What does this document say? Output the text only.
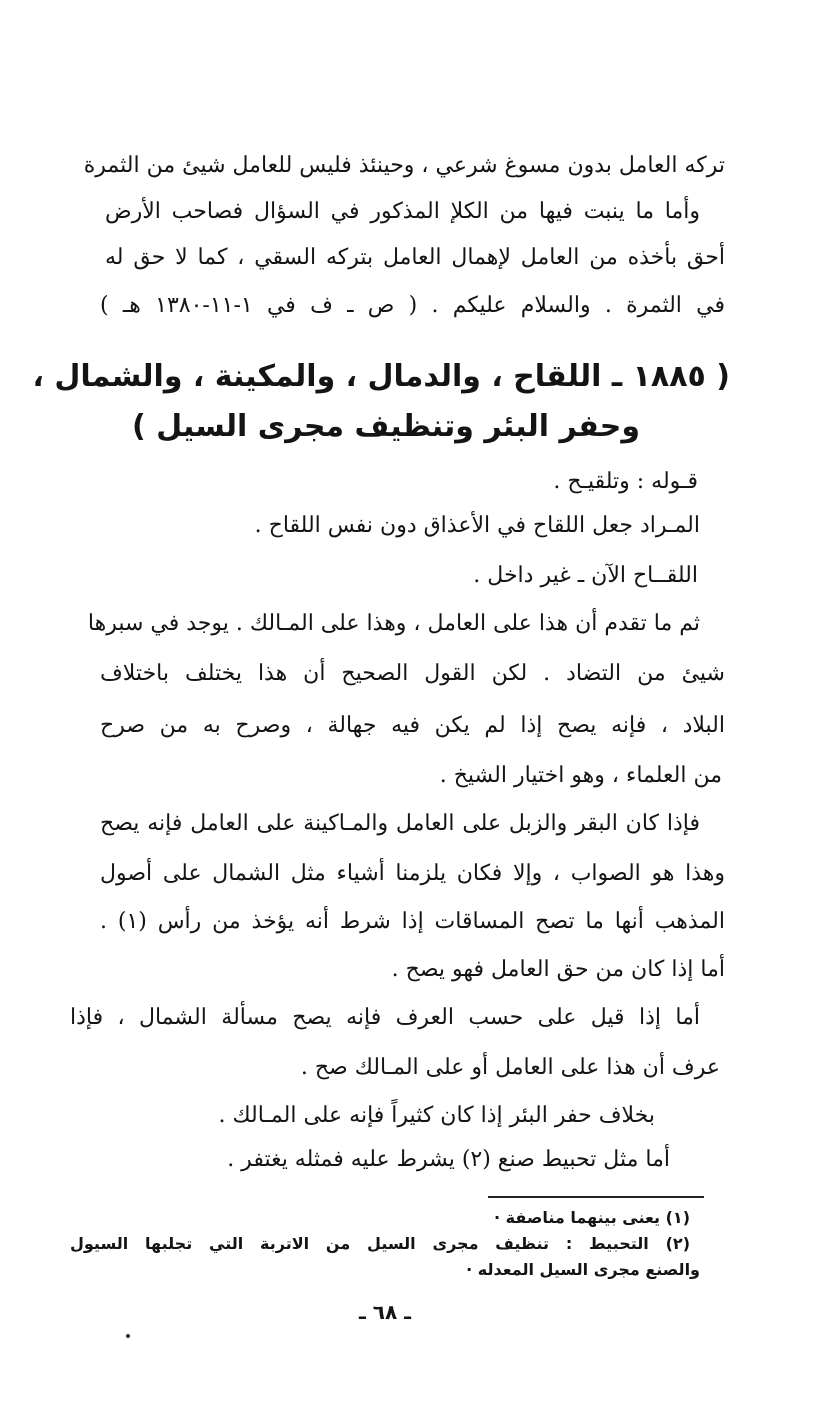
تركه العامل بدون مسوغ شرعي ، وحينئذ فليس للعامل شيئ من الثمرة
وأما ما ينبت فيها من الكلإ المذكور في السؤال فصاحب الأرض
أحق بأخذه من العامل لإهمال العامل بتركه السقي ، كما لا حق له
في الثمرة . والسلام عليكم . ( ص ـ ف في ١-١١-١٣٨٠ هـ )
( ١٨٨٥ ـ اللقاح ، والدمال ، والمكينة ، والشمال ،
وحفر البئر وتنظيف مجرى السيل )
قـوله : وتلقيـح .
المـراد جعل اللقاح في الأعذاق دون نفس اللقاح .
اللقــاح الآن ـ غير داخل .
ثم ما تقدم أن هذا على العامل ، وهذا على المـالك . يوجد في سبرها
شيئ من التضاد . لكن القول الصحيح أن هذا يختلف باختلاف
البلاد ، فإنه يصح إذا لم يكن فيه جهالة ، وصرح به من صرح
من العلماء ، وهو اختيار الشيخ .
فإذا كان البقر والزبل على العامل والمـاكينة على العامل فإنه يصح
وهذا هو الصواب ، وإلا فكان يلزمنا أشياء مثل الشمال على أصول
المذهب أنها ما تصح المساقات إذا شرط أنه يؤخذ من رأس (١) .
أما إذا كان من حق العامل فهو يصح .
أما إذا قيل على حسب العرف فإنه يصح مسألة الشمال ، فإذا
عرف أن هذا على العامل أو على المـالك صح .
بخلاف حفر البئر إذا كان كثيراً فإنه على المـالك .
أما مثل تحبيط صنع (٢) يشرط عليه فمثله يغتفر .
(١) يعنى بينهما مناصفة ·
(٢) التحبيط : تنظيف مجرى السيل من الاتربة التي تجلبها السيول
والصنع مجرى السيل المعدله ·
ـ ٦٨ ـ
